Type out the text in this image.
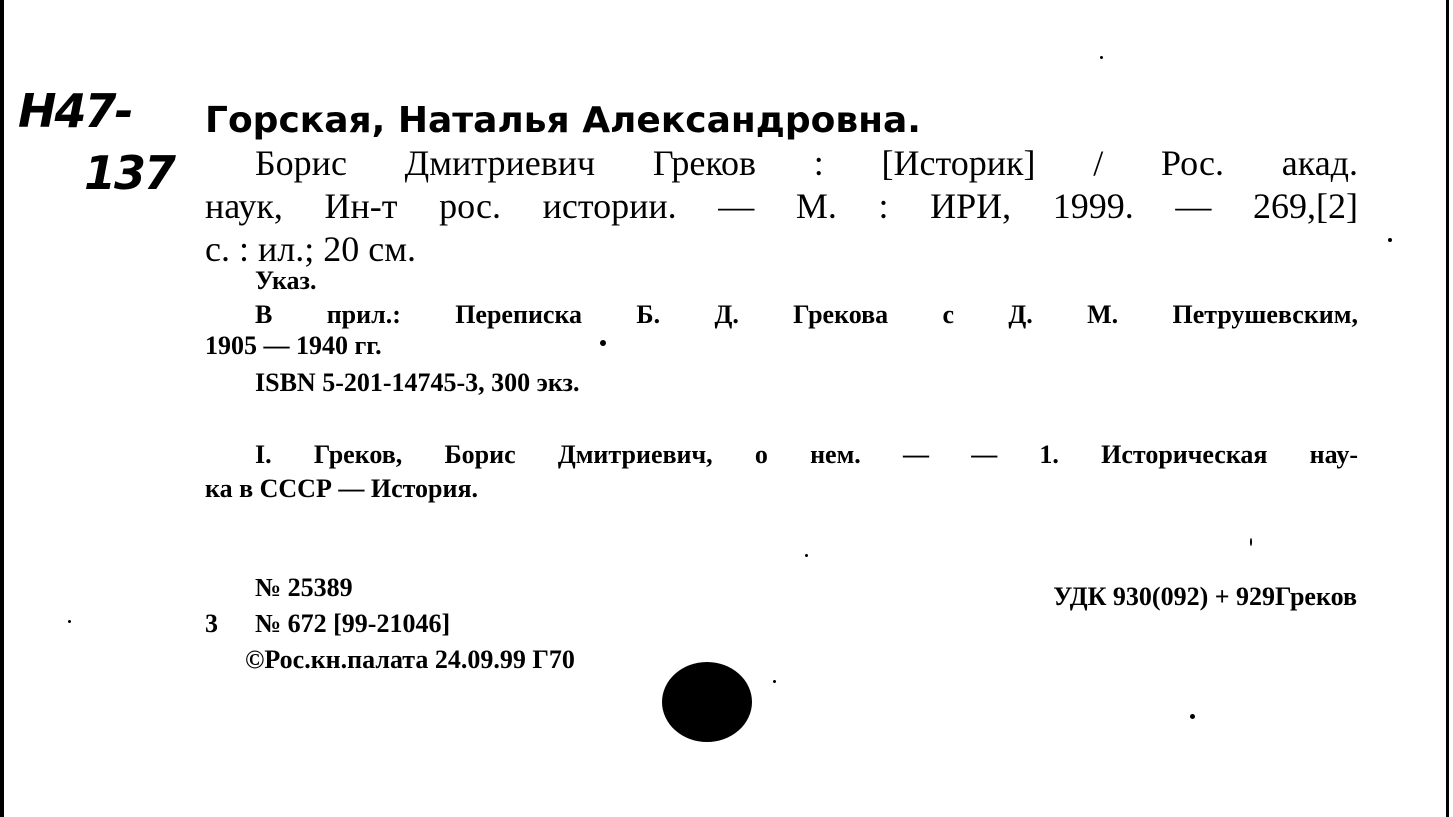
Н47-
137
Горская, Наталья Александровна.
Борис Дмитриевич Греков : [Историк] / Рос. акад.
наук, Ин-т рос. истории. — М. : ИРИ, 1999. — 269,[2]
с. : ил.; 20 см.
Указ.
В прил.: Переписка Б. Д. Грекова с Д. М. Петрушевским,
1905 — 1940 гг.
ISBN 5-201-14745-3, 300 экз.
I. Греков, Борис Дмитриевич, о нем. — — 1. Историческая нау-
ка в СССР — История.
№ 25389	УДК 930(092) + 929Греков
3 № 672 [99-21046]
©Рос.кн.палата 24.09.99 Г70
